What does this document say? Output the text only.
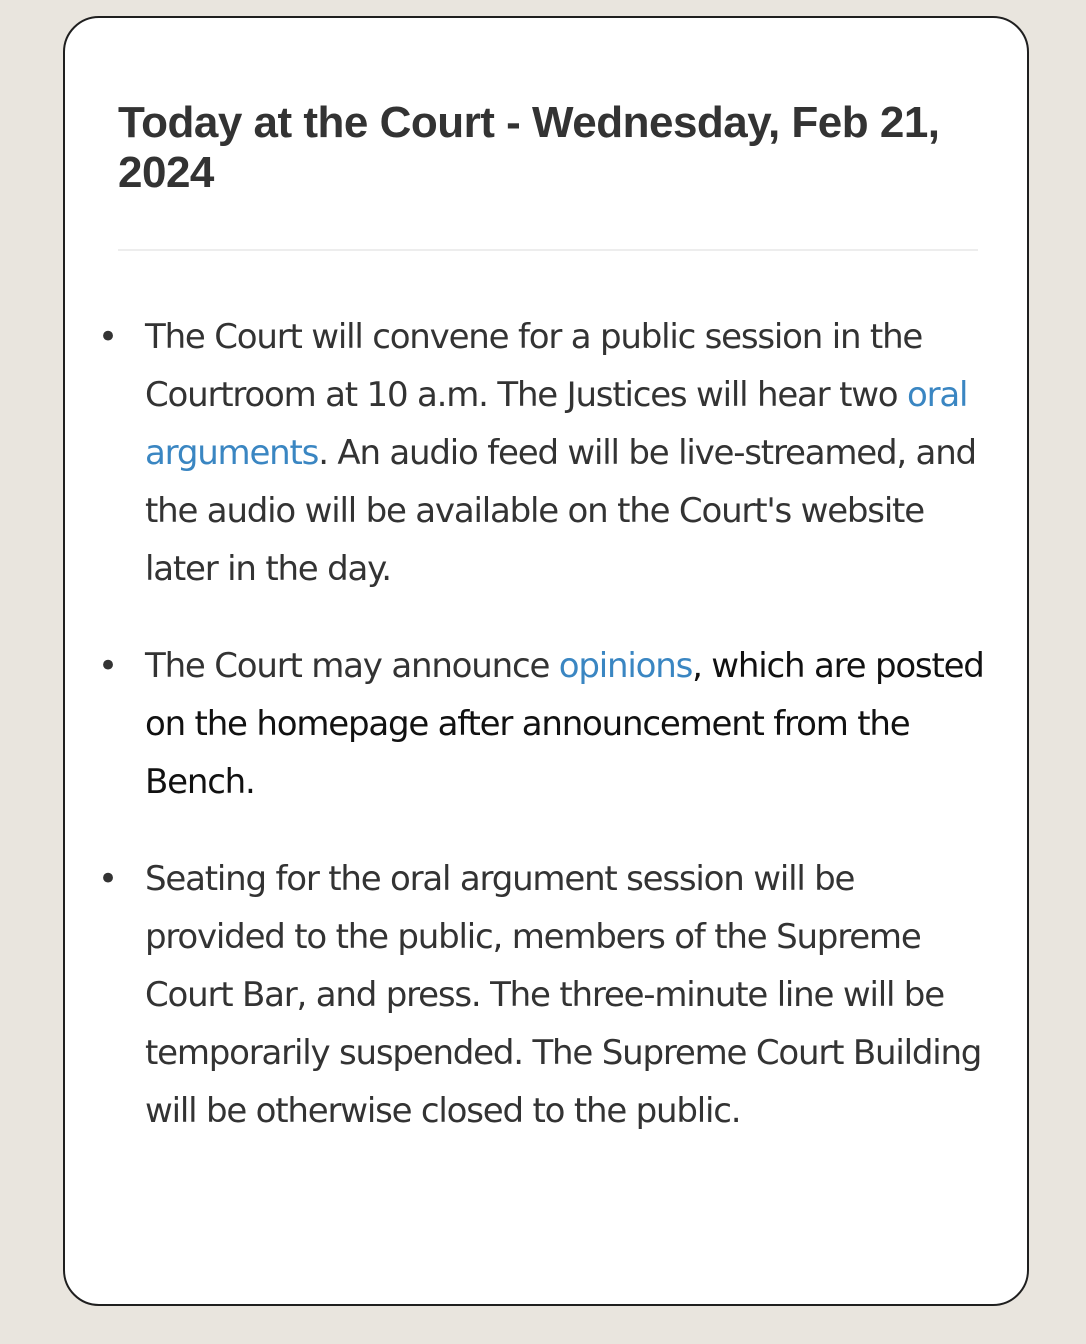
Today at the Court - Wednesday, Feb 21, 2024
• The Court will convene for a public session in the Courtroom at 10 a.m. The Justices will hear two oral arguments. An audio feed will be live-streamed, and the audio will be available on the Court's website later in the day.
• The Court may announce opinions, which are posted on the homepage after announcement from the Bench.
• Seating for the oral argument session will be provided to the public, members of the Supreme Court Bar, and press. The three-minute line will be temporarily suspended. The Supreme Court Building will be otherwise closed to the public.
